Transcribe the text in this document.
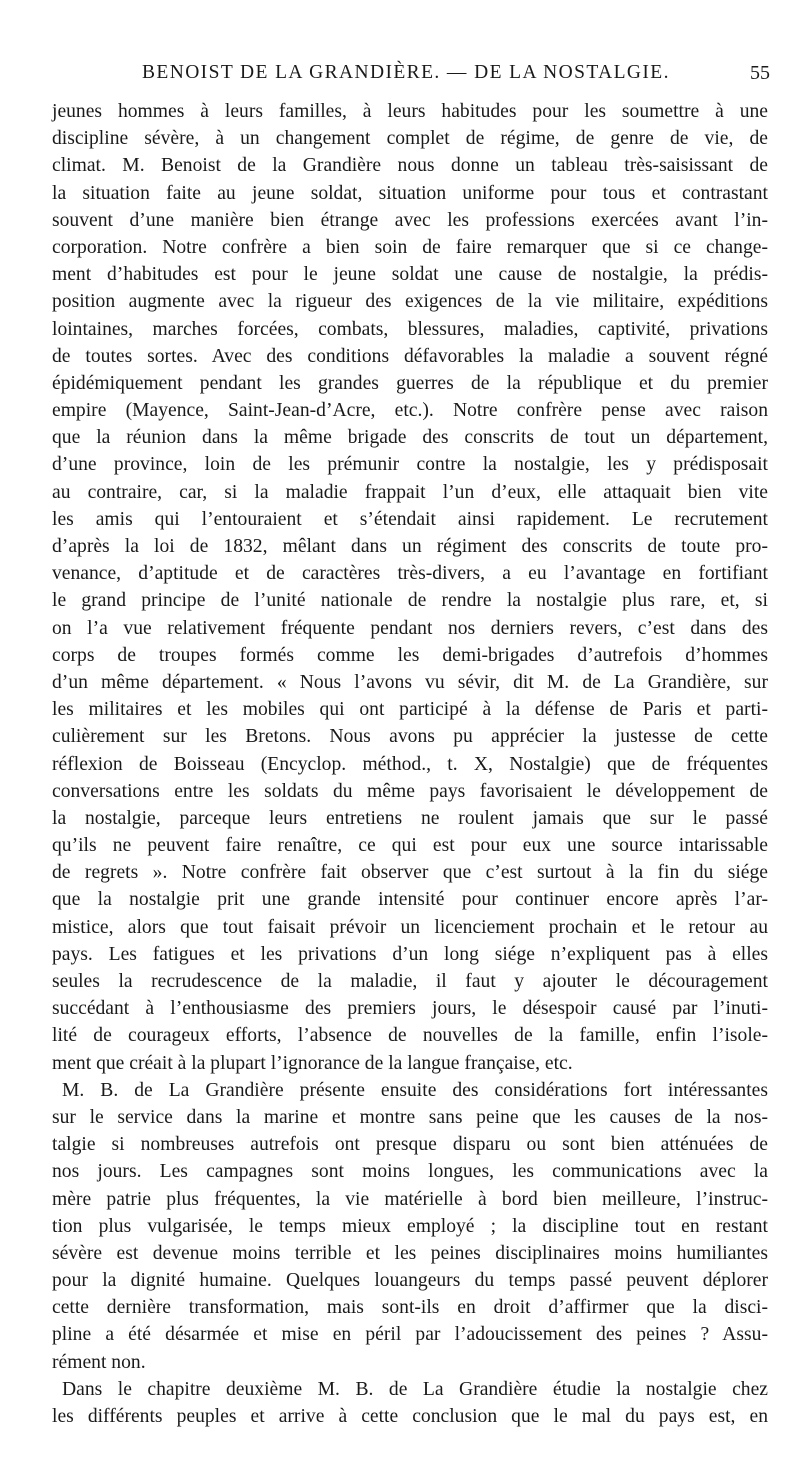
BENOIST DE LA GRANDIÈRE. — DE LA NOSTALGIE.	55
jeunes hommes à leurs familles, à leurs habitudes pour les soumettre à une
discipline sévère, à un changement complet de régime, de genre de vie, de
climat. M. Benoist de la Grandière nous donne un tableau très-saisissant de
la situation faite au jeune soldat, situation uniforme pour tous et contrastant
souvent d’une manière bien étrange avec les professions exercées avant l’in-
corporation. Notre confrère a bien soin de faire remarquer que si ce change-
ment d’habitudes est pour le jeune soldat une cause de nostalgie, la prédis-
position augmente avec la rigueur des exigences de la vie militaire, expéditions
lointaines, marches forcées, combats, blessures, maladies, captivité, privations
de toutes sortes. Avec des conditions défavorables la maladie a souvent régné
épidémiquement pendant les grandes guerres de la république et du premier
empire (Mayence, Saint-Jean-d’Acre, etc.). Notre confrère pense avec raison
que la réunion dans la même brigade des conscrits de tout un département,
d’une province, loin de les prémunir contre la nostalgie, les y prédisposait
au contraire, car, si la maladie frappait l’un d’eux, elle attaquait bien vite
les amis qui l’entouraient et s’étendait ainsi rapidement. Le recrutement
d’après la loi de 1832, mêlant dans un régiment des conscrits de toute pro-
venance, d’aptitude et de caractères très-divers, a eu l’avantage en fortifiant
le grand principe de l’unité nationale de rendre la nostalgie plus rare, et, si
on l’a vue relativement fréquente pendant nos derniers revers, c’est dans des
corps de troupes formés comme les demi-brigades d’autrefois d’hommes
d’un même département. « Nous l’avons vu sévir, dit M. de La Grandière, sur
les militaires et les mobiles qui ont participé à la défense de Paris et parti-
culièrement sur les Bretons. Nous avons pu apprécier la justesse de cette
réflexion de Boisseau (Encyclop. méthod., t. X, Nostalgie) que de fréquentes
conversations entre les soldats du même pays favorisaient le développement de
la nostalgie, parceque leurs entretiens ne roulent jamais que sur le passé
qu’ils ne peuvent faire renaître, ce qui est pour eux une source intarissable
de regrets ». Notre confrère fait observer que c’est surtout à la fin du siége
que la nostalgie prit une grande intensité pour continuer encore après l’ar-
mistice, alors que tout faisait prévoir un licenciement prochain et le retour au
pays. Les fatigues et les privations d’un long siége n’expliquent pas à elles
seules la recrudescence de la maladie, il faut y ajouter le découragement
succédant à l’enthousiasme des premiers jours, le désespoir causé par l’inuti-
lité de courageux efforts, l’absence de nouvelles de la famille, enfin l’isole-
ment que créait à la plupart l’ignorance de la langue française, etc.
M. B. de La Grandière présente ensuite des considérations fort intéressantes
sur le service dans la marine et montre sans peine que les causes de la nos-
talgie si nombreuses autrefois ont presque disparu ou sont bien atténuées de
nos jours. Les campagnes sont moins longues, les communications avec la
mère patrie plus fréquentes, la vie matérielle à bord bien meilleure, l’instruc-
tion plus vulgarisée, le temps mieux employé ; la discipline tout en restant
sévère est devenue moins terrible et les peines disciplinaires moins humiliantes
pour la dignité humaine. Quelques louangeurs du temps passé peuvent déplorer
cette dernière transformation, mais sont-ils en droit d’affirmer que la disci-
pline a été désarmée et mise en péril par l’adoucissement des peines ? Assu-
rément non.
Dans le chapitre deuxième M. B. de La Grandière étudie la nostalgie chez
les différents peuples et arrive à cette conclusion que le mal du pays est, en
